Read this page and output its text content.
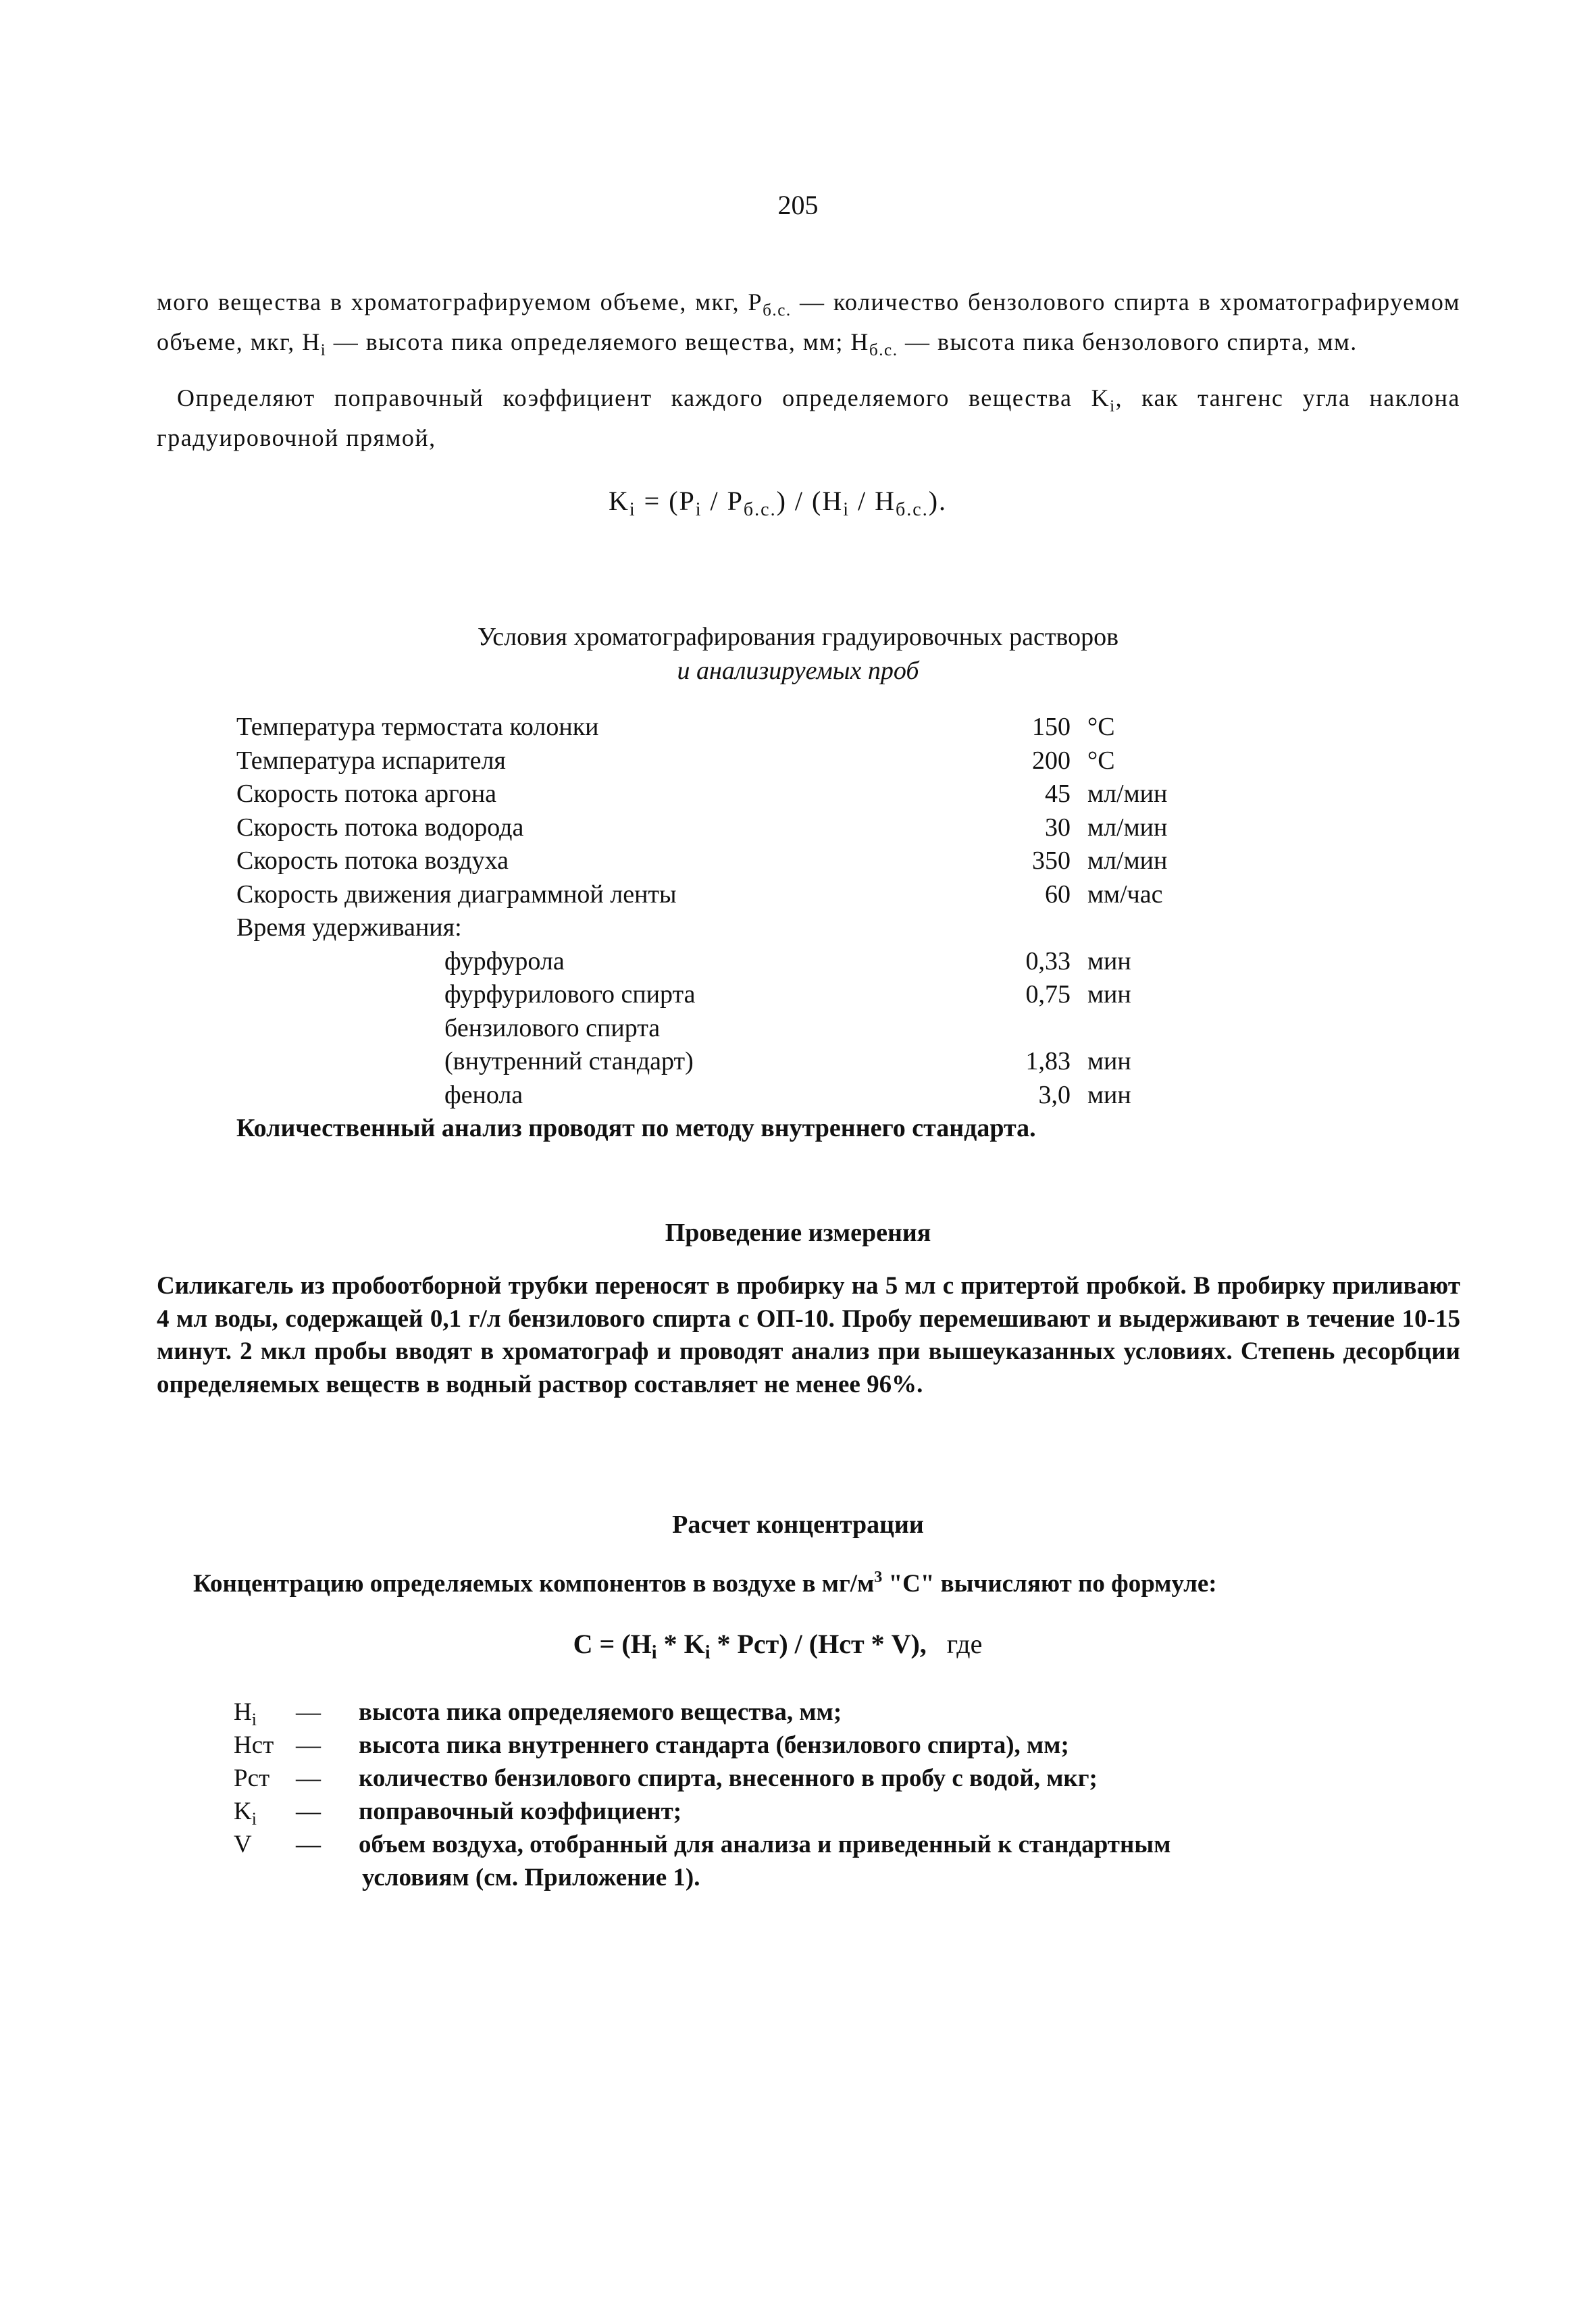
205
мого вещества в хроматографируемом объеме, мкг, $Р_{б.с.}$ — количество бензолового спирта в хроматографируемом объеме, мкг, $H_i$ — высота пика определяемого вещества, мм; $H_{б.с.}$ — высота пика бензолового спирта, мм.
Определяют поправочный коэффициент каждого определяемого вещества $K_i$, как тангенс угла наклона градуировочной прямой,
$K_i = (P_i / P_{б.с.}) / (H_i / H_{б.с.})$.
Условия хроматографирования градуировочных растворов
и анализируемых проб
Температура термостата колонки	150 °С
Температура испарителя	200 °С
Скорость потока аргона	45 мл/мин
Скорость потока водорода	30 мл/мин
Скорость потока воздуха	350 мл/мин
Скорость движения диаграммной ленты	60 мм/час
Время удерживания:
фурфурола	0,33 мин
фурфурилового спирта	0,75 мин
бензилового спирта
(внутренний стандарт)	1,83 мин
фенола	3,0 мин
Количественный анализ проводят по методу внутреннего стандарта.
Проведение измерения
Силикагель из пробоотборной трубки переносят в пробирку на 5 мл с притертой пробкой. В пробирку приливают 4 мл воды, содержащей 0,1 г/л бензилового спирта с ОП-10. Пробу перемешивают и выдерживают в течение 10-15 минут. 2 мкл пробы вводят в хроматограф и проводят анализ при вышеуказанных условиях. Степень десорбции определяемых веществ в водный раствор составляет не менее 96%.
Расчет концентрации
Концентрацию определяемых компонентов в воздухе в $мг/м^3$ "С" вычисляют по формуле:
$C = (H_i * K_i * Рст) / (Нст * V)$, где
$H_i$ — высота пика определяемого вещества, мм;
Нст — высота пика внутреннего стандарта (бензилового спирта), мм;
Рст — количество бензилового спирта, внесенного в пробу с водой, мкг;
$K_i$ — поправочный коэффициент;
V — объем воздуха, отобранный для анализа и приведенный к стандартным
условиям (см. Приложение 1).
